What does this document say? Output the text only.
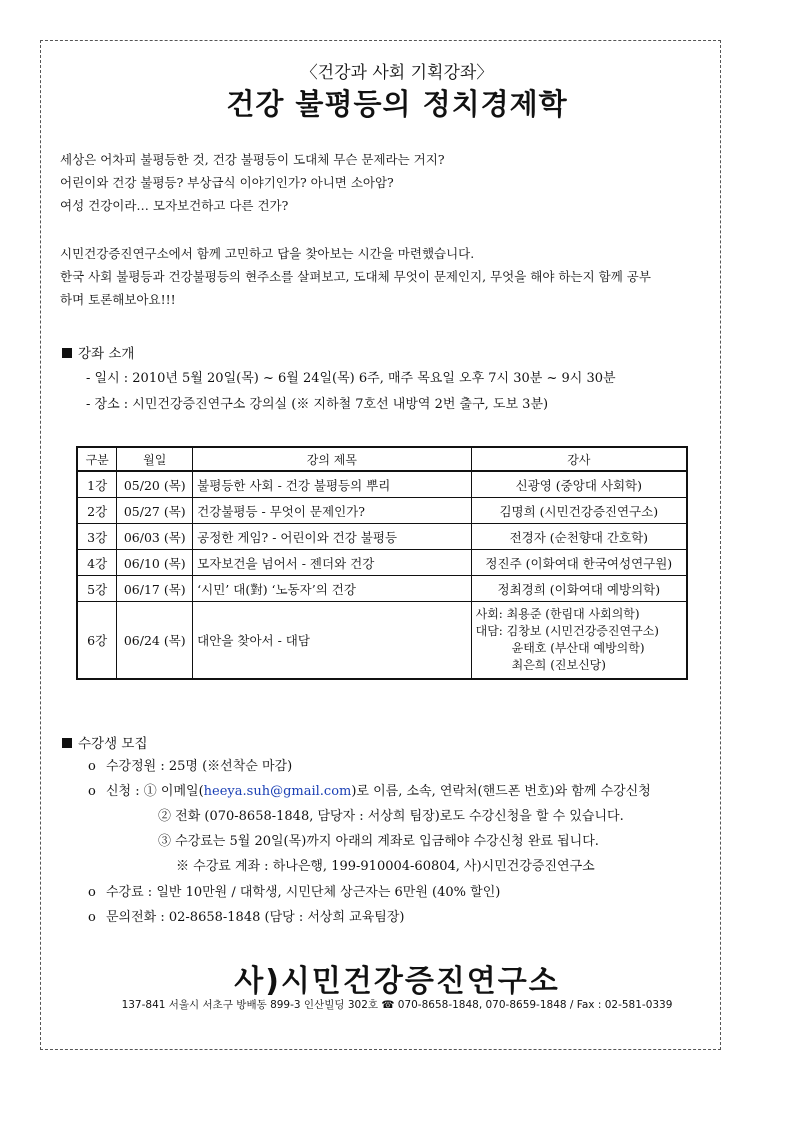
〈건강과 사회 기획강좌〉
건강 불평등의 정치경제학
세상은 어차피 불평등한 것, 건강 불평등이 도대체 무슨 문제라는 거지?
어린이와 건강 불평등? 부상급식 이야기인가? 아니면 소아암?
여성 건강이라… 모자보건하고 다른 건가?
시민건강증진연구소에서 함께 고민하고 답을 찾아보는 시간을 마련했습니다.
한국 사회 불평등과 건강불평등의 현주소를 살펴보고, 도대체 무엇이 문제인지, 무엇을 해야 하는지 함께 공부
하며 토론해보아요!!!
강좌 소개
- 일시 : 2010년 5월 20일(목) ~ 6월 24일(목) 6주, 매주 목요일 오후 7시 30분 ~ 9시 30분
- 장소 : 시민건강증진연구소 강의실 (※ 지하철 7호선 내방역 2번 출구, 도보 3분)
구분	월일	강의 제목	강사
1강	05/20 (목)	불평등한 사회 - 건강 불평등의 뿌리	신광영 (중앙대 사회학)
2강	05/27 (목)	건강불평등 - 무엇이 문제인가?	김명희 (시민건강증진연구소)
3강	06/03 (목)	공정한 게임? - 어린이와 건강 불평등	전경자 (순천향대 간호학)
4강	06/10 (목)	모자보건을 넘어서 - 젠더와 건강	정진주 (이화여대 한국여성연구원)
5강	06/17 (목)	‘시민’ 대(對) ‘노동자’의 건강	정최경희 (이화여대 예방의학)
6강	06/24 (목)	대안을 찾아서 - 대담	사회: 최용준 (한림대 사회의학)
대담: 김창보 (시민건강증진연구소)
윤태호 (부산대 예방의학)
최은희 (진보신당)
수강생 모집
o 수강정원 : 25명 (※선착순 마감)
o 신청 : ① 이메일(heeya.suh@gmail.com)로 이름, 소속, 연락처(핸드폰 번호)와 함께 수강신청
② 전화 (070-8658-1848, 담당자 : 서상희 팀장)로도 수강신청을 할 수 있습니다.
③ 수강료는 5월 20일(목)까지 아래의 계좌로 입금해야 수강신청 완료 됩니다.
※ 수강료 계좌 : 하나은행, 199-910004-60804, 사)시민건강증진연구소
o 수강료 : 일반 10만원 / 대학생, 시민단체 상근자는 6만원 (40% 할인)
o 문의전화 : 02-8658-1848 (담당 : 서상희 교육팀장)
사)시민건강증진연구소
137-841 서울시 서초구 방배동 899-3 인산빌딩 302호 ☎ 070-8658-1848, 070-8659-1848 / Fax : 02-581-0339
